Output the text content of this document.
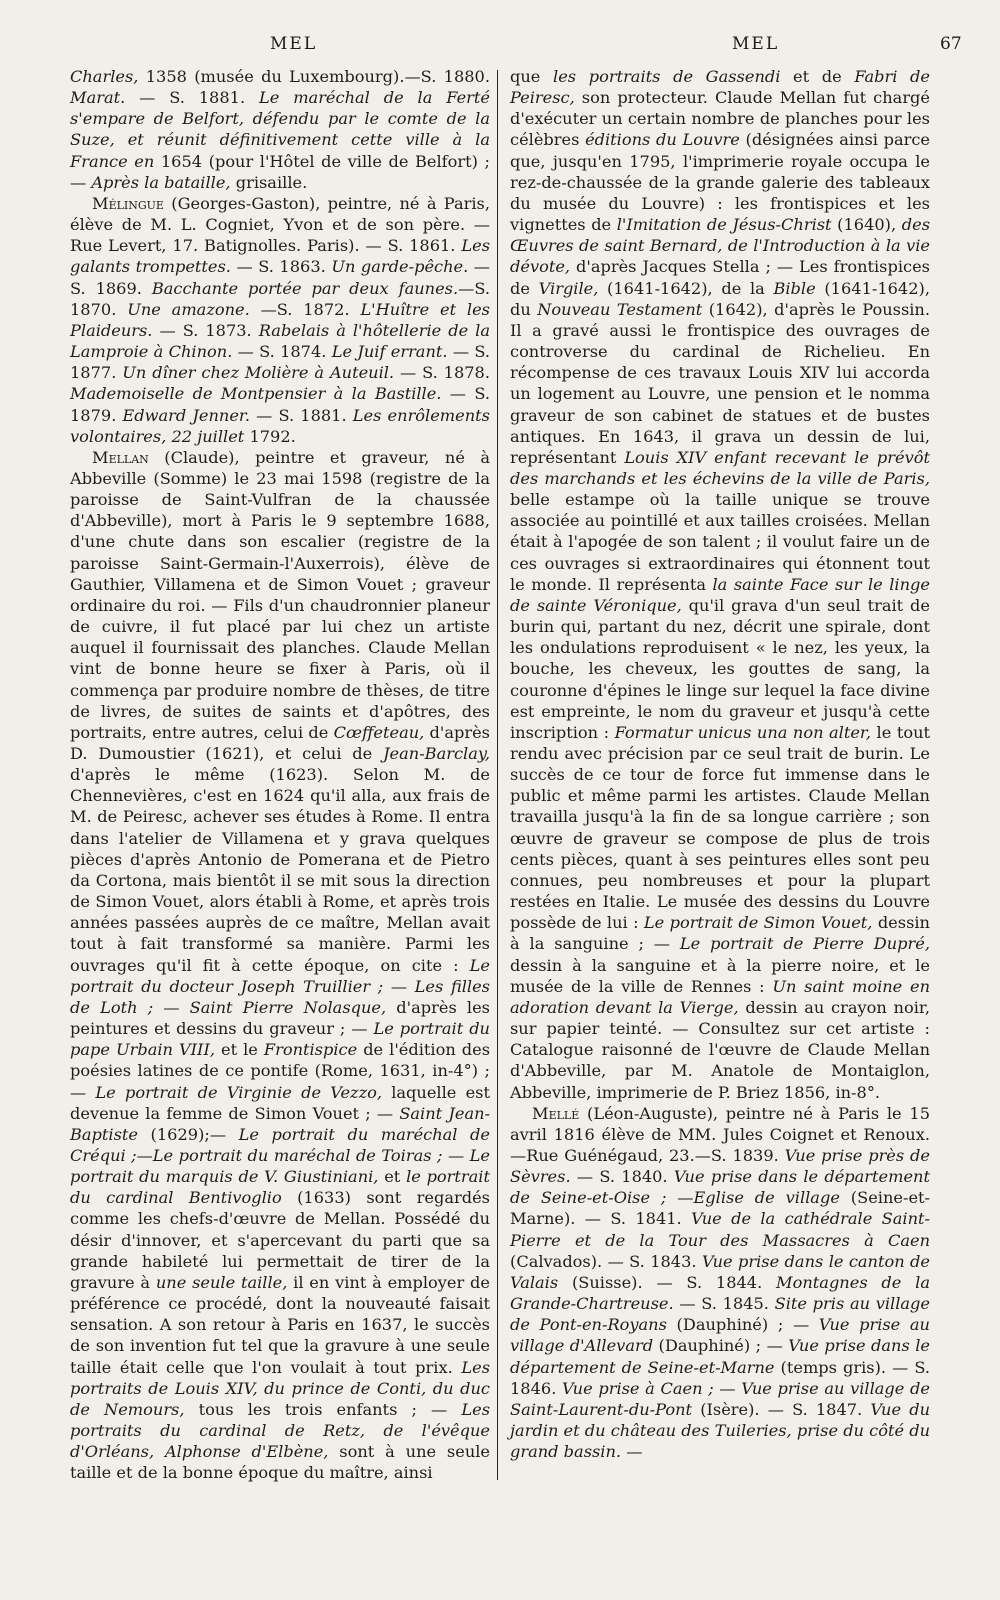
MEL	MEL	67

Charles, 1358 (musée du Luxembourg).—S. 1880. Marat. — S. 1881. Le maréchal de la Ferté s'empare de Belfort, défendu par le comte de la Suze, et réunit définitivement cette ville à la France en 1654 (pour l'Hôtel de ville de Belfort) ; — Après la bataille, grisaille.

Mélingue (Georges-Gaston), peintre, né à Paris, élève de M. L. Cogniet, Yvon et de son père. — Rue Levert, 17. Batignolles. Paris). — S. 1861. Les galants trompettes. — S. 1863. Un garde-pêche. — S. 1869. Bacchante portée par deux faunes.—S. 1870. Une amazone. —S. 1872. L'Huître et les Plaideurs. — S. 1873. Rabelais à l'hôtellerie de la Lamproie à Chinon. — S. 1874. Le Juif errant. — S. 1877. Un dîner chez Molière à Auteuil. — S. 1878. Mademoiselle de Montpensier à la Bastille. — S. 1879. Edward Jenner. — S. 1881. Les enrôlements volontaires, 22 juillet 1792.

Mellan (Claude), peintre et graveur, né à Abbeville (Somme) le 23 mai 1598 (registre de la paroisse de Saint-Vulfran de la chaussée d'Abbeville), mort à Paris le 9 septembre 1688, d'une chute dans son escalier (registre de la paroisse Saint-Germain-l'Auxerrois), élève de Gauthier, Villamena et de Simon Vouet ; graveur ordinaire du roi. — Fils d'un chaudronnier planeur de cuivre, il fut placé par lui chez un artiste auquel il fournissait des planches. Claude Mellan vint de bonne heure se fixer à Paris, où il commença par produire nombre de thèses, de titre de livres, de suites de saints et d'apôtres, des portraits, entre autres, celui de Cœffeteau, d'après D. Dumoustier (1621), et celui de Jean-Barclay, d'après le même (1623). Selon M. de Chennevières, c'est en 1624 qu'il alla, aux frais de M. de Peiresc, achever ses études à Rome. Il entra dans l'atelier de Villamena et y grava quelques pièces d'après Antonio de Pomerana et de Pietro da Cortona, mais bientôt il se mit sous la direction de Simon Vouet, alors établi à Rome, et après trois années passées auprès de ce maître, Mellan avait tout à fait transformé sa manière. Parmi les ouvrages qu'il fit à cette époque, on cite : Le portrait du docteur Joseph Truillier ; — Les filles de Loth ; — Saint Pierre Nolasque, d'après les peintures et dessins du graveur ; — Le portrait du pape Urbain VIII, et le Frontispice de l'édition des poésies latines de ce pontife (Rome, 1631, in-4°) ; — Le portrait de Virginie de Vezzo, laquelle est devenue la femme de Simon Vouet ; — Saint Jean-Baptiste (1629);— Le portrait du maréchal de Créqui ;—Le portrait du maréchal de Toiras ; — Le portrait du marquis de V. Giustiniani, et le portrait du cardinal Bentivoglio (1633) sont regardés comme les chefs-d'œuvre de Mellan. Possédé du désir d'innover, et s'apercevant du parti que sa grande habileté lui permettait de tirer de la gravure à une seule taille, il en vint à employer de préférence ce procédé, dont la nouveauté faisait sensation. A son retour à Paris en 1637, le succès de son invention fut tel que la gravure à une seule taille était celle que l'on voulait à tout prix. Les portraits de Louis XIV, du prince de Conti, du duc de Nemours, tous les trois enfants ; — Les portraits du cardinal de Retz, de l'évêque d'Orléans, Alphonse d'Elbène, sont à une seule taille et de la bonne époque du maître, ainsi

que les portraits de Gassendi et de Fabri de Peiresc, son protecteur. Claude Mellan fut chargé d'exécuter un certain nombre de planches pour les célèbres éditions du Louvre (désignées ainsi parce que, jusqu'en 1795, l'imprimerie royale occupa le rez-de-chaussée de la grande galerie des tableaux du musée du Louvre) : les frontispices et les vignettes de l'Imitation de Jésus-Christ (1640), des Œuvres de saint Bernard, de l'Introduction à la vie dévote, d'après Jacques Stella ; — Les frontispices de Virgile, (1641-1642), de la Bible (1641-1642), du Nouveau Testament (1642), d'après le Poussin. Il a gravé aussi le frontispice des ouvrages de controverse du cardinal de Richelieu. En récompense de ces travaux Louis XIV lui accorda un logement au Louvre, une pension et le nomma graveur de son cabinet de statues et de bustes antiques. En 1643, il grava un dessin de lui, représentant Louis XIV enfant recevant le prévôt des marchands et les échevins de la ville de Paris, belle estampe où la taille unique se trouve associée au pointillé et aux tailles croisées. Mellan était à l'apogée de son talent ; il voulut faire un de ces ouvrages si extraordinaires qui étonnent tout le monde. Il représenta la sainte Face sur le linge de sainte Véronique, qu'il grava d'un seul trait de burin qui, partant du nez, décrit une spirale, dont les ondulations reproduisent « le nez, les yeux, la bouche, les cheveux, les gouttes de sang, la couronne d'épines le linge sur lequel la face divine est empreinte, le nom du graveur et jusqu'à cette inscription : Formatur unicus una non alter, le tout rendu avec précision par ce seul trait de burin. Le succès de ce tour de force fut immense dans le public et même parmi les artistes. Claude Mellan travailla jusqu'à la fin de sa longue carrière ; son œuvre de graveur se compose de plus de trois cents pièces, quant à ses peintures elles sont peu connues, peu nombreuses et pour la plupart restées en Italie. Le musée des dessins du Louvre possède de lui : Le portrait de Simon Vouet, dessin à la sanguine ; — Le portrait de Pierre Dupré, dessin à la sanguine et à la pierre noire, et le musée de la ville de Rennes : Un saint moine en adoration devant la Vierge, dessin au crayon noir, sur papier teinté. — Consultez sur cet artiste : Catalogue raisonné de l'œuvre de Claude Mellan d'Abbeville, par M. Anatole de Montaiglon, Abbeville, imprimerie de P. Briez 1856, in-8°.

Mellé (Léon-Auguste), peintre né à Paris le 15 avril 1816 élève de MM. Jules Coignet et Renoux. —Rue Guénégaud, 23.—S. 1839. Vue prise près de Sèvres. — S. 1840. Vue prise dans le département de Seine-et-Oise ; —Eglise de village (Seine-et-Marne). — S. 1841. Vue de la cathédrale Saint-Pierre et de la Tour des Massacres à Caen (Calvados). — S. 1843. Vue prise dans le canton de Valais (Suisse). — S. 1844. Montagnes de la Grande-Chartreuse. — S. 1845. Site pris au village de Pont-en-Royans (Dauphiné) ; — Vue prise au village d'Allevard (Dauphiné) ; — Vue prise dans le département de Seine-et-Marne (temps gris). — S. 1846. Vue prise à Caen ; — Vue prise au village de Saint-Laurent-du-Pont (Isère). — S. 1847. Vue du jardin et du château des Tuileries, prise du côté du grand bassin. —
